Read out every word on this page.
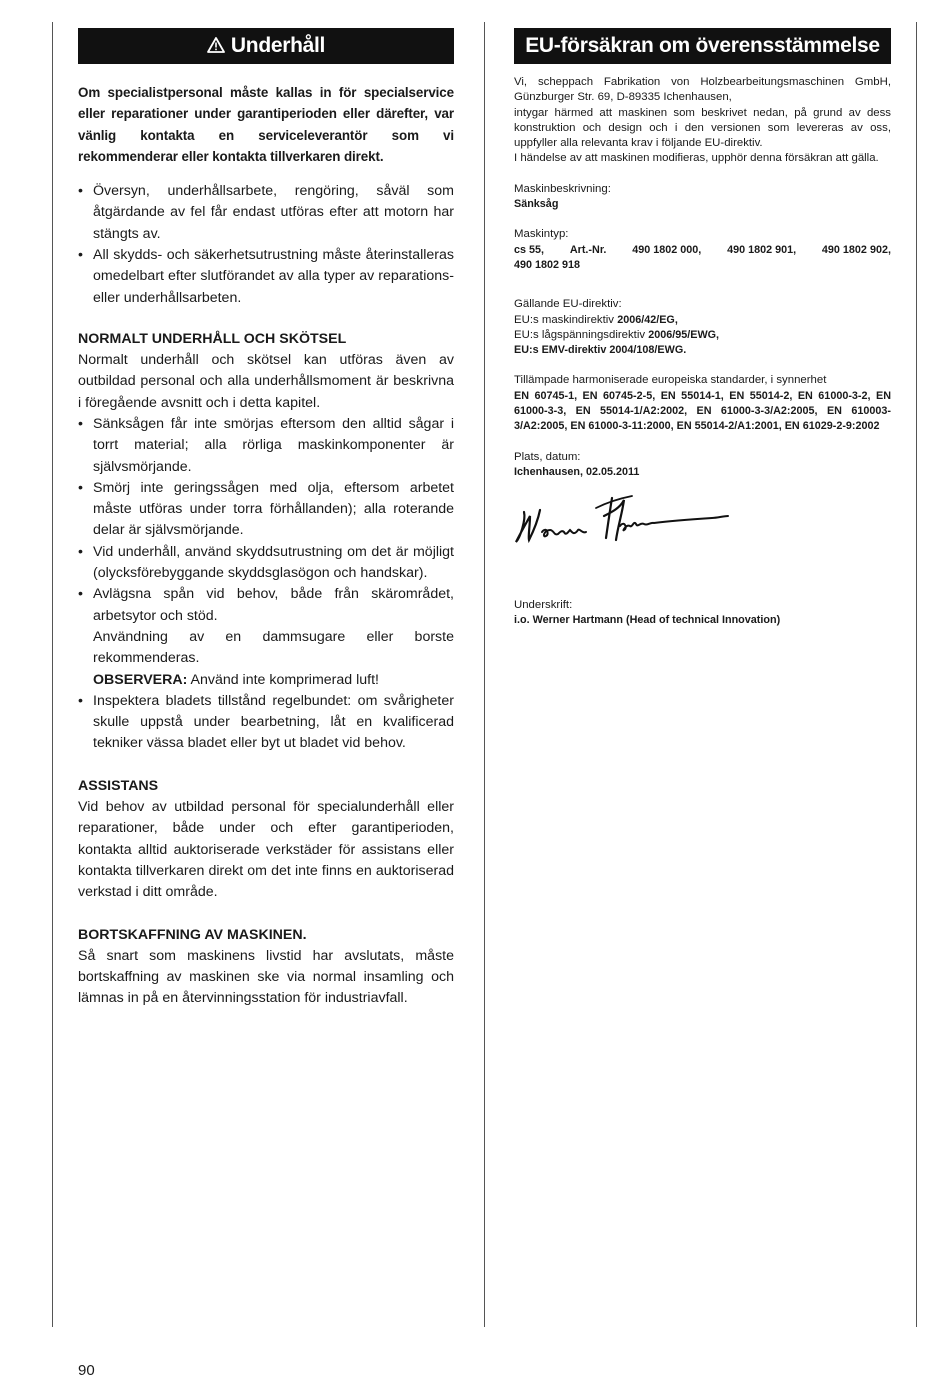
Underhåll

Om specialistpersonal måste kallas in för specialservice eller reparationer under garantiperioden eller därefter, var vänlig kontakta en serviceleverantör som vi rekommenderar eller kontakta tillverkaren direkt.

• Översyn, underhållsarbete, rengöring, såväl som åtgärdande av fel får endast utföras efter att motorn har stängts av.
• All skydds- och säkerhetsutrustning måste återinstalleras omedelbart efter slutförandet av alla typer av reparations- eller underhållsarbeten.

NORMALT UNDERHÅLL OCH SKÖTSEL

Normalt underhåll och skötsel kan utföras även av outbildad personal och alla underhållsmoment är beskrivna i föregående avsnitt och i detta kapitel.

• Sänksågen får inte smörjas eftersom den alltid sågar i torrt material; alla rörliga maskinkomponenter är självsmörjande.
• Smörj inte geringssågen med olja, eftersom arbetet måste utföras under torra förhållanden); alla roterande delar är självsmörjande.
• Vid underhåll, använd skyddsutrustning om det är möjligt (olycksförebyggande skyddsglasögon och handskar).
• Avlägsna spån vid behov, både från skärområdet, arbetsytor och stöd.
Användning av en dammsugare eller borste rekommenderas.
OBSERVERA: Använd inte komprimerad luft!
• Inspektera bladets tillstånd regelbundet: om svårigheter skulle uppstå under bearbetning, låt en kvalificerad tekniker vässa bladet eller byt ut bladet vid behov.

ASSISTANS

Vid behov av utbildad personal för specialunderhåll eller reparationer, både under och efter garantiperioden, kontakta alltid auktoriserade verkstäder för assistans eller kontakta tillverkaren direkt om det inte finns en auktoriserad verkstad i ditt område.

BORTSKAFFNING AV MASKINEN.

Så snart som maskinens livstid har avslutats, måste bortskaffning av maskinen ske via normal insamling och lämnas in på en återvinningsstation för industriavfall.

EU-försäkran om överensstämmelse

Vi, scheppach Fabrikation von Holzbearbeitungsmaschinen GmbH, Günzburger Str. 69, D-89335 Ichenhausen,

intygar härmed att maskinen som beskrivet nedan, på grund av dess konstruktion och design och i den versionen som levereras av oss, uppfyller alla relevanta krav i följande EU-direktiv.

I händelse av att maskinen modifieras, upphör denna försäkran att gälla.

Maskinbeskrivning:

Sänksåg

Maskintyp:

cs 55, Art.-Nr. 490 1802 000, 490 1802 901, 490 1802 902,

490 1802 918

Gällande EU-direktiv:

EU:s maskindirektiv 2006/42/EG,

EU:s lågspänningsdirektiv 2006/95/EWG,

EU:s EMV-direktiv 2004/108/EWG.

Tillämpade harmoniserade europeiska standarder, i synnerhet

EN 60745-1, EN 60745-2-5, EN 55014-1, EN 55014-2, EN 61000-3-2, EN 61000-3-3, EN 55014-1/A2:2002, EN 61000-3-3/A2:2005, EN 610003-3/A2:2005, EN 61000-3-11:2000, EN 55014-2/A1:2001, EN 61029-2-9:2002

Plats, datum:

Ichenhausen, 02.05.2011

Underskrift:

i.o. Werner Hartmann (Head of technical Innovation)

90
